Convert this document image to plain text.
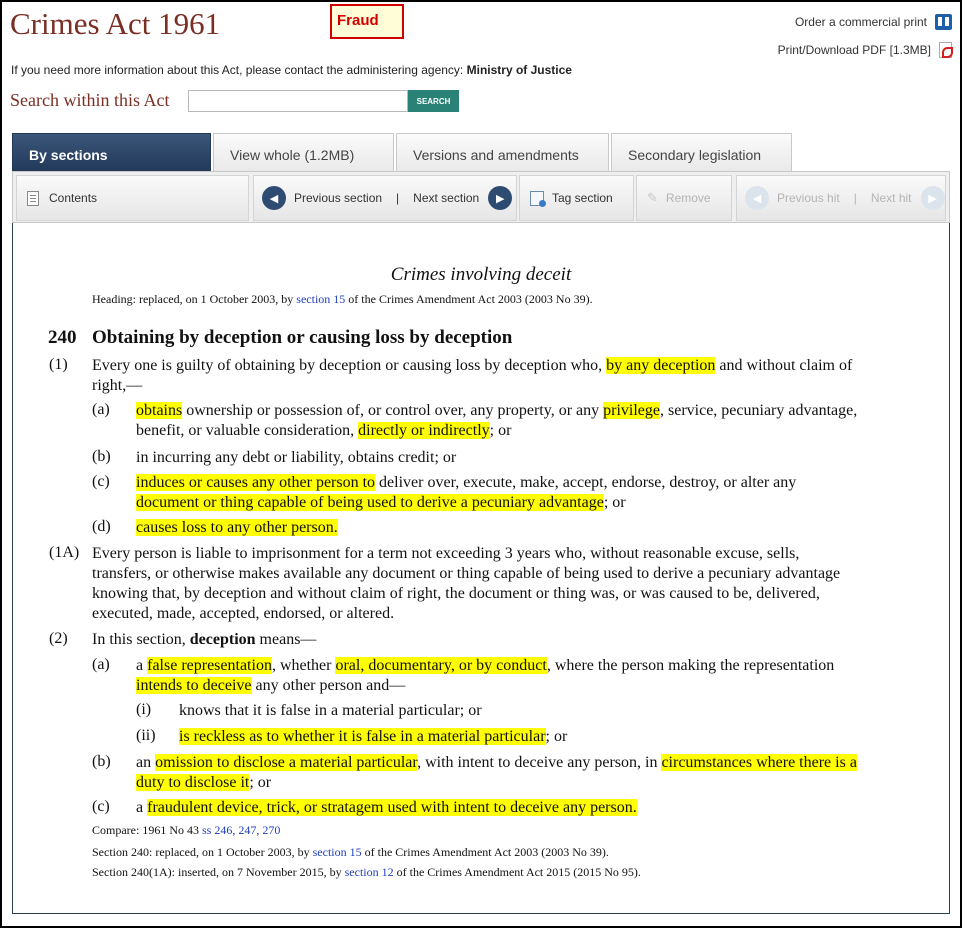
Crimes Act 1961	Fraud	Order a commercial print
Print/Download PDF [1.3MB]
If you need more information about this Act, please contact the administering agency: Ministry of Justice
Search within this Act	SEARCH
By sections	View whole (1.2MB)	Versions and amendments	Secondary legislation
Contents	◀	Previous section | Next section	▶	Tag section	✎ Remove	◀	Previous hit | Next hit	▶
Crimes involving deceit
Heading: replaced, on 1 October 2003, by section 15 of the Crimes Amendment Act 2003 (2003 No 39).
240 Obtaining by deception or causing loss by deception
(1) Every one is guilty of obtaining by deception or causing loss by deception who, by any deception and without claim of
right,—
(a) obtains ownership or possession of, or control over, any property, or any privilege, service, pecuniary advantage,
benefit, or valuable consideration, directly or indirectly; or
(b) in incurring any debt or liability, obtains credit; or
(c) induces or causes any other person to deliver over, execute, make, accept, endorse, destroy, or alter any
document or thing capable of being used to derive a pecuniary advantage; or
(d) causes loss to any other person.
(1A) Every person is liable to imprisonment for a term not exceeding 3 years who, without reasonable excuse, sells,
transfers, or otherwise makes available any document or thing capable of being used to derive a pecuniary advantage
knowing that, by deception and without claim of right, the document or thing was, or was caused to be, delivered,
executed, made, accepted, endorsed, or altered.
(2) In this section, deception means—
(a) a false representation, whether oral, documentary, or by conduct, where the person making the representation
intends to deceive any other person and—
(i) knows that it is false in a material particular; or
(ii) is reckless as to whether it is false in a material particular; or
(b) an omission to disclose a material particular, with intent to deceive any person, in circumstances where there is a
duty to disclose it; or
(c) a fraudulent device, trick, or stratagem used with intent to deceive any person.
Compare: 1961 No 43 ss 246, 247, 270
Section 240: replaced, on 1 October 2003, by section 15 of the Crimes Amendment Act 2003 (2003 No 39).
Section 240(1A): inserted, on 7 November 2015, by section 12 of the Crimes Amendment Act 2015 (2015 No 95).
